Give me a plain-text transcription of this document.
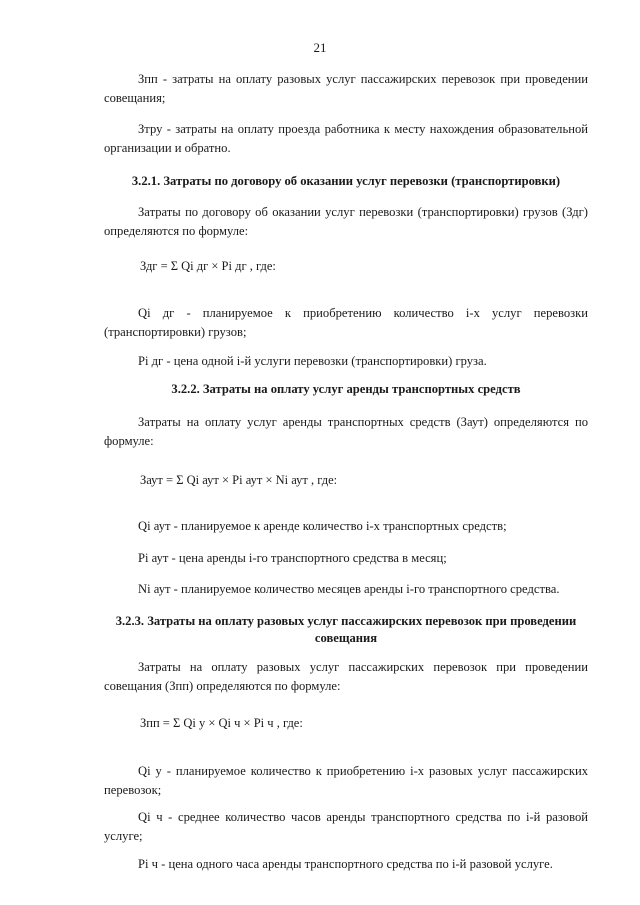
21

Зпп - затраты на оплату разовых услуг пассажирских перевозок при проведении совещания;

Зтру - затраты на оплату проезда работника к месту нахождения образовательной организации и обратно.

3.2.1. Затраты по договору об оказании услуг перевозки (транспортировки)

Затраты по договору об оказании услуг перевозки (транспортировки) грузов (Здг) определяются по формуле:

Здг = Σ Qi дг × Pi дг , где:

Qi дг - планируемое к приобретению количество i-х услуг перевозки (транспортировки) грузов;

Pi дг - цена одной i-й услуги перевозки (транспортировки) груза.

3.2.2. Затраты на оплату услуг аренды транспортных средств

Затраты на оплату услуг аренды транспортных средств (Заут) определяются по формуле:

Заут = Σ Qi аут × Pi аут × Ni аут , где:

Qi аут - планируемое к аренде количество i-х транспортных средств;

Pi аут - цена аренды i-го транспортного средства в месяц;

Ni аут - планируемое количество месяцев аренды i-го транспортного средства.

3.2.3. Затраты на оплату разовых услуг пассажирских перевозок при проведении совещания

Затраты на оплату разовых услуг пассажирских перевозок при проведении совещания (Зпп) определяются по формуле:

Зпп = Σ Qi у × Qi ч × Pi ч , где:

Qi у - планируемое количество к приобретению i-х разовых услуг пассажирских перевозок;

Qi ч - среднее количество часов аренды транспортного средства по i-й разовой услуге;

Pi ч - цена одного часа аренды транспортного средства по i-й разовой услуге.
